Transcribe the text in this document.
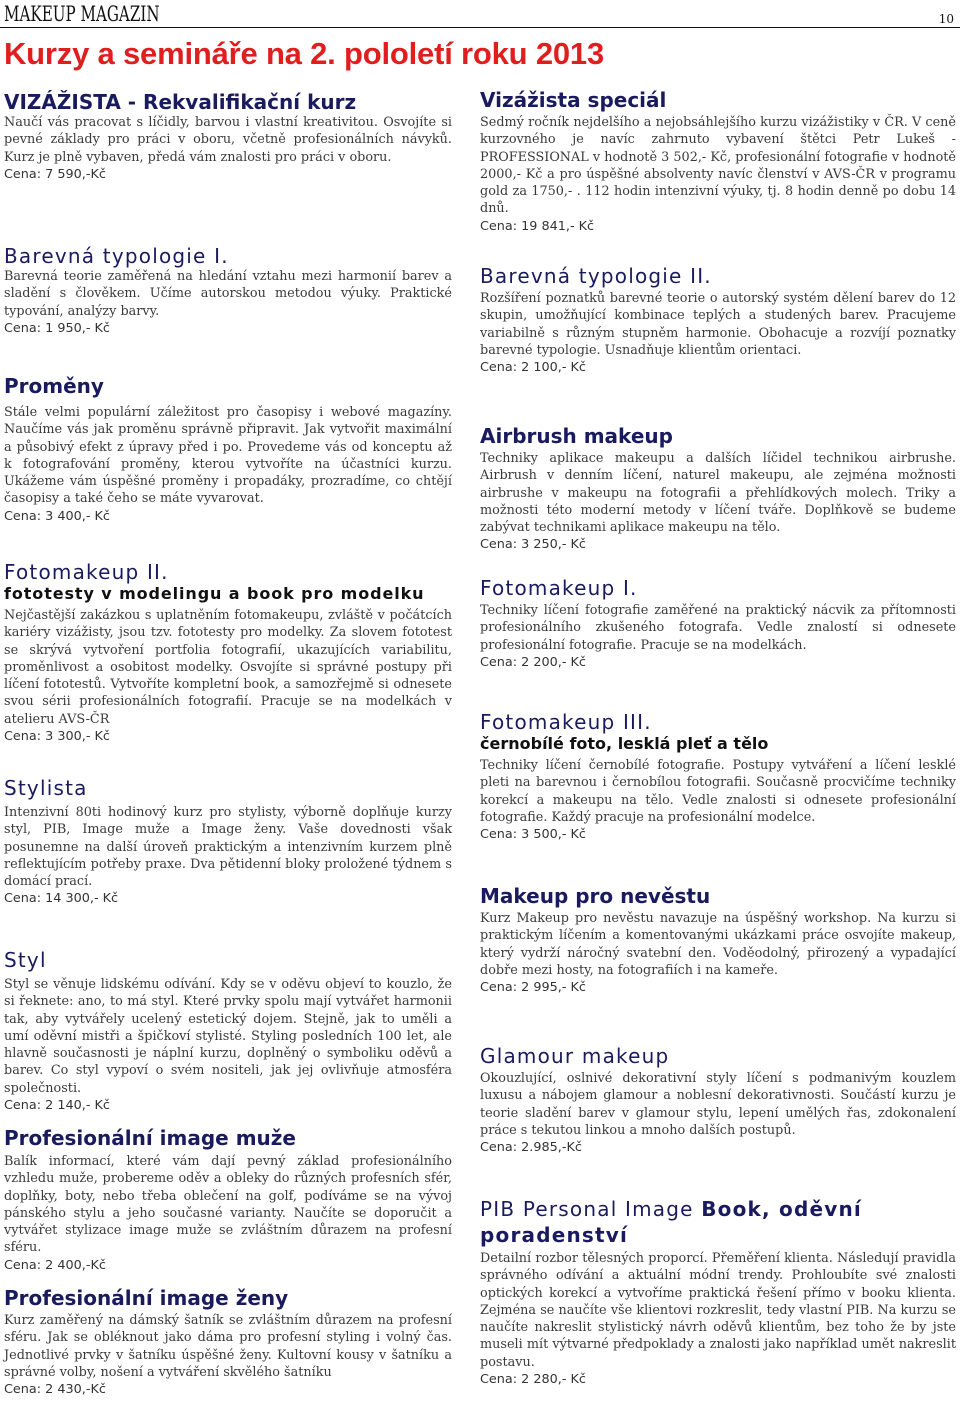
MAKEUP MAGAZIN	10
Kurzy a semináře na 2. pololetí roku 2013
VIZÁŽISTA - Rekvalifikační kurz

Naučí vás pracovat s líčidly, barvou i vlastní kreativitou. Osvojíte si pevné základy pro práci v oboru, včetně profesionálních návyků. Kurz je plně vybaven, předá vám znalosti pro práci v oboru.

Cena: 7 590,-Kč

Barevná typologie I.

Barevná teorie zaměřená na hledání vztahu mezi harmonií barev a sladění s člověkem. Učíme autorskou metodou výuky. Praktické typování, analýzy barvy.

Cena: 1 950,- Kč

Proměny

Stále velmi populární záležitost pro časopisy i webové magazíny. Naučíme vás jak proměnu správně připravit. Jak vytvořit maximální a působivý efekt z úpravy před i po. Provedeme vás od konceptu až k fotografování proměny, kterou vytvoříte na účastníci kurzu. Ukážeme vám úspěšné proměny i propadáky, prozradíme, co chtějí časopisy a také čeho se máte vyvarovat.

Cena: 3 400,- Kč

Fotomakeup II.
fototesty v modelingu a book pro modelku

Nejčastější zakázkou s uplatněním fotomakeupu, zvláště v počátcích kariéry vizážisty, jsou tzv. fototesty pro modelky. Za slovem fototest se skrývá vytvoření portfolia fotografií, ukazujících variabilitu, proměnlivost a osobitost modelky. Osvojíte si správné postupy při líčení fototestů. Vytvoříte kompletní book, a samozřejmě si odnesete svou sérii profesionálních fotografií. Pracuje se na modelkách v atelieru AVS-ČR

Cena: 3 300,- Kč

Stylista

Intenzivní 80ti hodinový kurz pro stylisty, výborně doplňuje kurzy styl, PIB, Image muže a Image ženy. Vaše dovednosti však posunemne na další úroveň praktickým a intenzivním kurzem plně reflektujícím potřeby praxe. Dva pětidenní bloky proložené týdnem s domácí prací.

Cena: 14 300,- Kč

Styl

Styl se věnuje lidskému odívání. Kdy se v oděvu objeví to kouzlo, že si řeknete: ano, to má styl. Které prvky spolu mají vytvářet harmonii tak, aby vytvářely ucelený estetický dojem. Stejně, jak to uměli a umí oděvní mistři a špičkoví stylisté. Styling posledních 100 let, ale hlavně současnosti je náplní kurzu, doplněný o symboliku oděvů a barev. Co styl vypoví o svém nositeli, jak jej ovlivňuje atmosféra společnosti.

Cena: 2 140,- Kč

Profesionální image muže

Balík informací, které vám dají pevný základ profesionálního vzhledu muže, probereme oděv a obleky do různých profesních sfér, doplňky, boty, nebo třeba oblečení na golf, podíváme se na vývoj pánského stylu a jeho současné varianty. Naučíte se doporučit a vytvářet stylizace image muže se zvláštním důrazem na profesní sféru.

Cena: 2 400,-Kč

Profesionální image ženy

Kurz zaměřený na dámský šatník se zvláštním důrazem na profesní sféru. Jak se obléknout jako dáma pro profesní styling i volný čas. Jednotlivé prvky v šatníku úspěšné ženy. Kultovní kousy v šatníku a správné volby, nošení a vytváření skvělého šatníku

Cena: 2 430,-Kč

Vizážista speciál

Sedmý ročník nejdelšího a nejobsáhlejšího kurzu vizážistiky v ČR. V ceně kurzovného je navíc zahrnuto vybavení štětci Petr Lukeš - PROFESSIONAL v hodnotě 3 502,- Kč, profesionální fotografie v hodnotě 2000,- Kč a pro úspěšné absolventy navíc členství v AVS-ČR v programu gold za 1750,- . 112 hodin intenzivní výuky, tj. 8 hodin denně po dobu 14 dnů.

Cena: 19 841,- Kč

Barevná typologie II.

Rozšíření poznatků barevné teorie o autorský systém dělení barev do 12 skupin, umožňující kombinace teplých a studených barev. Pracujeme variabilně s různým stupněm harmonie. Obohacuje a rozvíjí poznatky barevné typologie. Usnadňuje klientům orientaci.

Cena: 2 100,- Kč

Airbrush makeup

Techniky aplikace makeupu a dalších líčidel technikou airbrushe. Airbrush v denním líčení, naturel makeupu, ale zejména možnosti airbrushe v makeupu na fotografii a přehlídkových molech. Triky a možnosti této moderní metody v líčení tváře. Doplňkově se budeme zabývat technikami aplikace makeupu na tělo.

Cena: 3 250,- Kč

Fotomakeup I.

Techniky líčení fotografie zaměřené na praktický nácvik za přítomnosti profesionálního zkušeného fotografa. Vedle znalostí si odnesete profesionální fotografie. Pracuje se na modelkách.

Cena: 2 200,- Kč

Fotomakeup III.
černobílé foto, lesklá pleť a tělo

Techniky líčení černobílé fotografie. Postupy vytváření a líčení lesklé pleti na barevnou i černobílou fotografii. Současně procvičíme techniky korekcí a makeupu na tělo. Vedle znalosti si odnesete profesionální fotografie. Každý pracuje na profesionální modelce.

Cena: 3 500,- Kč

Makeup pro nevěstu

Kurz Makeup pro nevěstu navazuje na úspěšný workshop. Na kurzu si praktickým líčením a komentovanými ukázkami práce osvojíte makeup, který vydrží náročný svatební den. Voděodolný, přirozený a vypadající dobře mezi hosty, na fotografiích i na kameře.

Cena: 2 995,- Kč

Glamour makeup

Okouzlující, oslnivé dekorativní styly líčení s podmanivým kouzlem luxusu a nábojem glamour a noblesní dekorativnosti. Součástí kurzu je teorie sladění barev v glamour stylu, lepení umělých řas, zdokonalení práce s tekutou linkou a mnoho dalších postupů.

Cena: 2.985,-Kč

PIB Personal Image Book, oděvní poradenství

Detailní rozbor tělesných proporcí. Přeměření klienta. Následují pravidla správného odívání a aktuální módní trendy. Prohloubíte své znalosti optických korekcí a vytvoříme praktická řešení přímo v booku klienta. Zejména se naučíte vše klientovi rozkreslit, tedy vlastní PIB. Na kurzu se naučíte nakreslit stylistický návrh oděvů klientům, bez toho že by jste museli mít výtvarné předpoklady a znalosti jako například umět nakreslit postavu.

Cena: 2 280,- Kč
